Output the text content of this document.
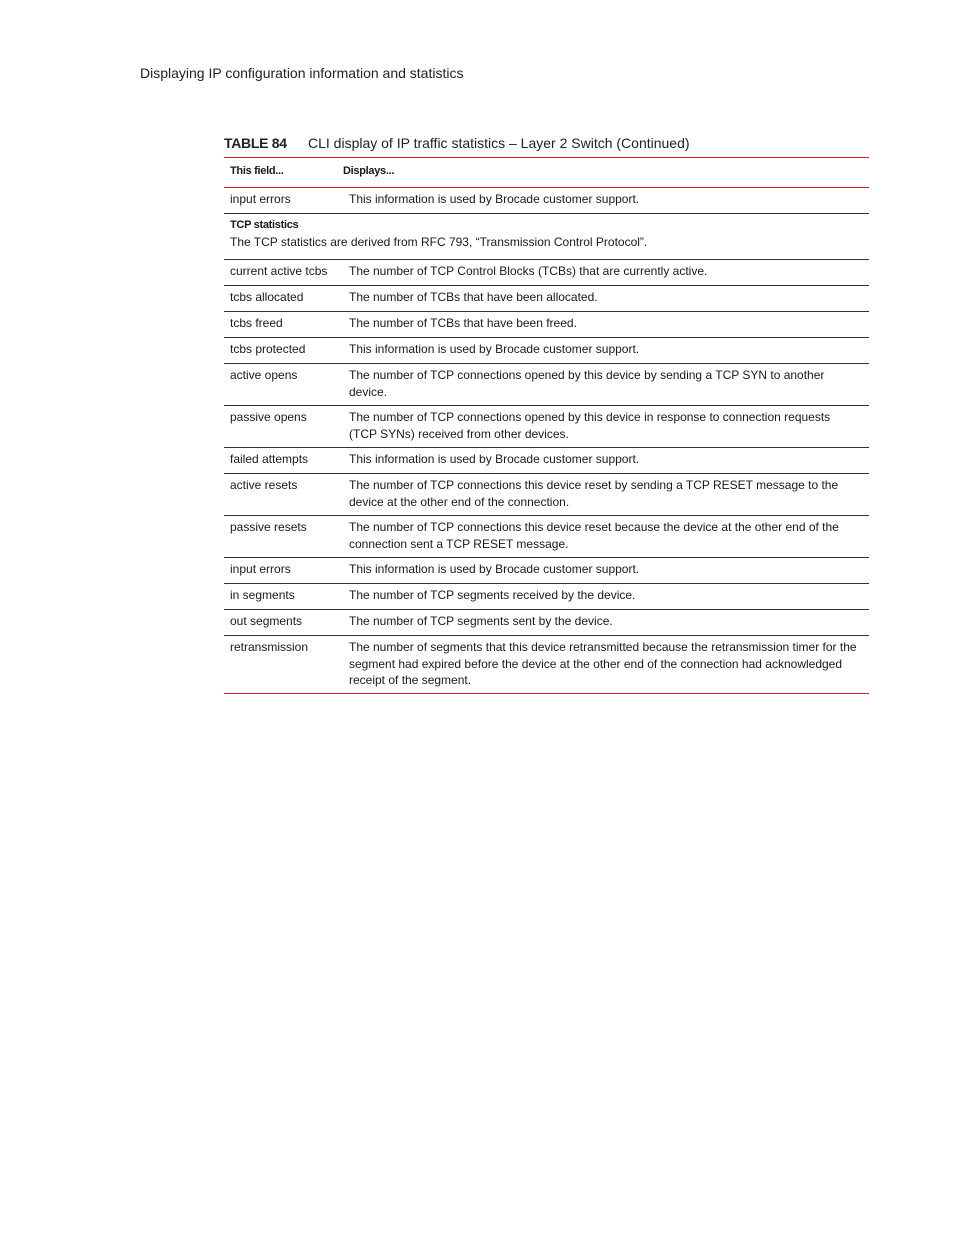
Displaying IP configuration information and statistics
TABLE 84 CLI display of IP traffic statistics – Layer 2 Switch (Continued)
This field...	Displays...
input errors	This information is used by Brocade customer support.
TCP statistics
The TCP statistics are derived from RFC 793, “Transmission Control Protocol”.
current active tcbs	The number of TCP Control Blocks (TCBs) that are currently active.
tcbs allocated	The number of TCBs that have been allocated.
tcbs freed	The number of TCBs that have been freed.
tcbs protected	This information is used by Brocade customer support.
active opens	The number of TCP connections opened by this device by sending a TCP SYN to another device.
passive opens	The number of TCP connections opened by this device in response to connection requests (TCP SYNs) received from other devices.
failed attempts	This information is used by Brocade customer support.
active resets	The number of TCP connections this device reset by sending a TCP RESET message to the device at the other end of the connection.
passive resets	The number of TCP connections this device reset because the device at the other end of the connection sent a TCP RESET message.
input errors	This information is used by Brocade customer support.
in segments	The number of TCP segments received by the device.
out segments	The number of TCP segments sent by the device.
retransmission	The number of segments that this device retransmitted because the retransmission timer for the segment had expired before the device at the other end of the connection had acknowledged receipt of the segment.
